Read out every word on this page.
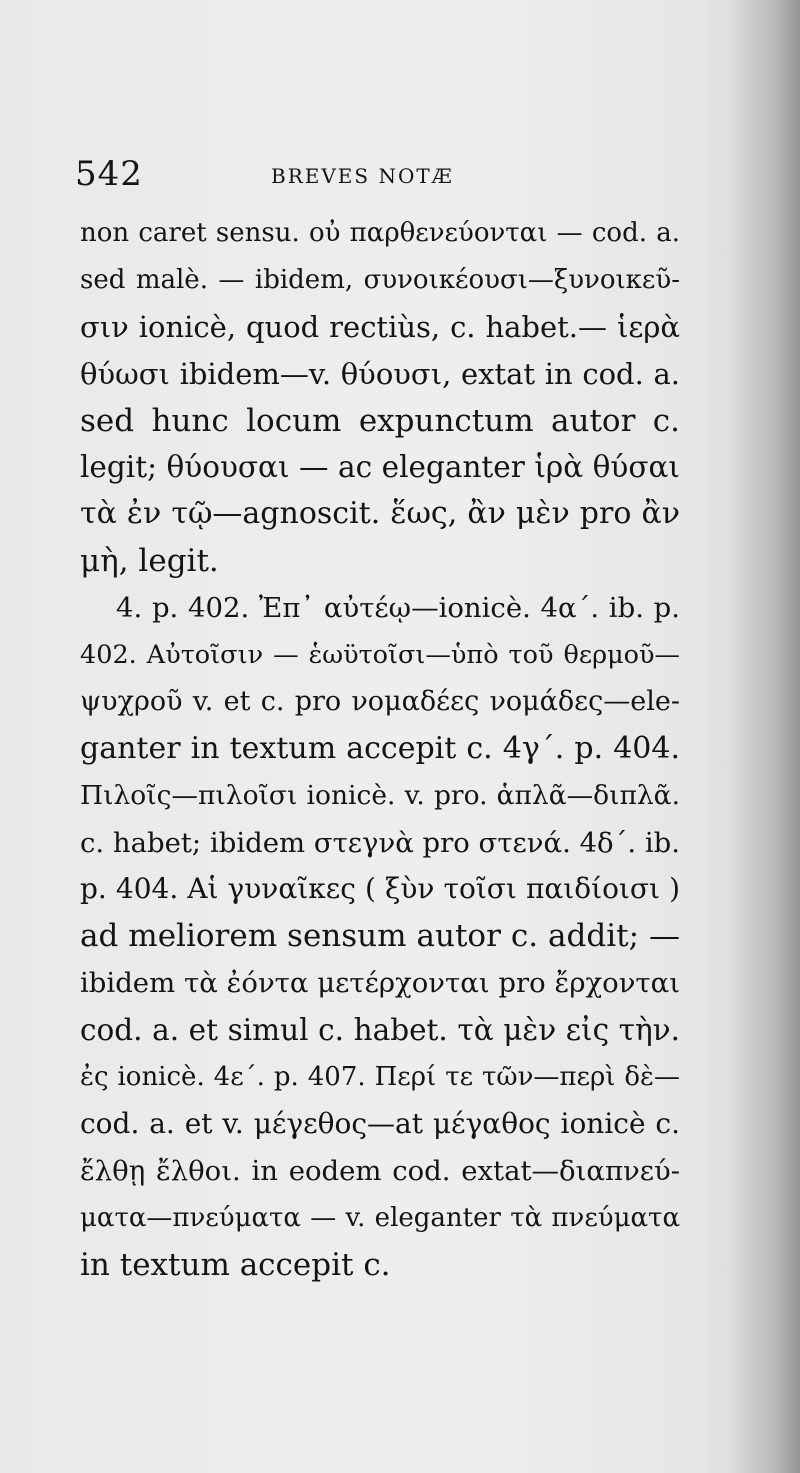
542	BREVES NOTÆ
non caret sensu. οὐ παρθενεύονται — cod. a.
sed malè. — ibidem, συνοικέουσι—ξυνοικεῦ-
σιν ionicè, quod rectiùs, c. habet.— ἱερὰ
θύωσι ibidem—v. θύουσι, extat in cod. a.
sed hunc locum expunctum autor c.
legit; θύουσαι — ac eleganter ἱρὰ θύσαι
τὰ ἐν τῷ—agnoscit. ἕως, ἂν μὲν pro ἂν
μὴ, legit.
4. p. 402. Ἐπ᾽ αὐτέῳ—ionicè. 4α΄. ib. p.
402. Αὐτοῖσιν — ἑωϋτοῖσι—ὑπὸ τοῦ θερμοῦ—
ψυχροῦ v. et c. pro νομαδέες νομάδες—ele-
ganter in textum accepit c. 4γ΄. p. 404.
Πιλοῖς—πιλοῖσι ionicè. v. pro. ἁπλᾶ—διπλᾶ.
c. habet; ibidem στεγνὰ pro στενά. 4δ΄. ib.
p. 404. Αἱ γυναῖκες ( ξὺν τοῖσι παιδίοισι )
ad meliorem sensum autor c. addit; —
ibidem τὰ ἐόντα μετέρχονται pro ἔρχονται
cod. a. et simul c. habet. τὰ μὲν εἰς τὴν.
ἐς ionicè. 4ε΄. p. 407. Περί τε τῶν—περὶ δὲ—
cod. a. et v. μέγεθος—at μέγαθος ionicè c.
ἔλθῃ ἔλθοι. in eodem cod. extat—διαπνεύ-
ματα—πνεύματα — v. eleganter τὰ πνεύματα
in textum accepit c.
